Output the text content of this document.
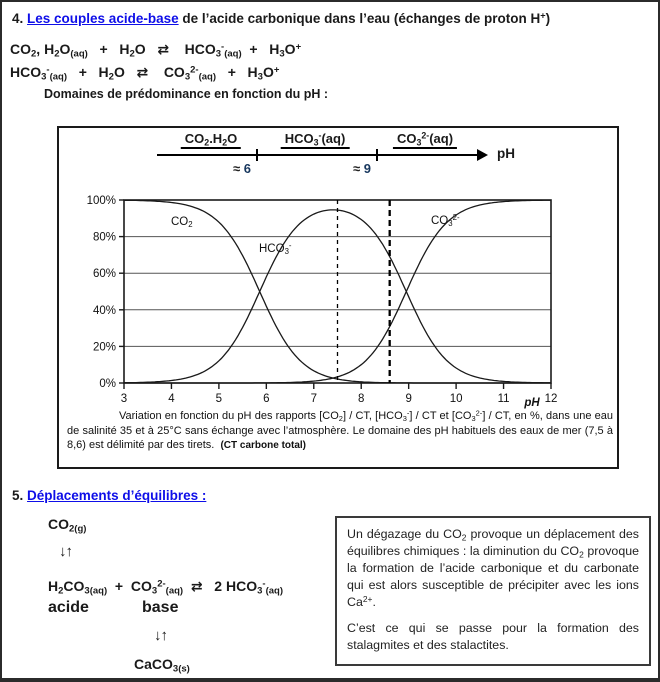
4. Les couples acide-base de l’acide carbonique dans l’eau (échanges de proton H+)
$CO_2$, $H_2O_{(aq)} + H_2O$   ⇄    $HCO_3^-_{(aq)} + H_3O^+$
$HCO_3^-_{(aq)} + H_2O$   ⇄    $CO_3^{2-}_{(aq)} + H_3O^+$
Domaines de prédominance en fonction du pH :
$CO_2.H_2O$	$HCO_3^-(aq)$	$CO_3^{2-}(aq)$
pH
≈ 6	≈ 9
100%
80%
60%
40%
20%
0%
3	4	5	6	7	8	9	10	11	12
pH
$CO_2$
$HCO_3^-$
$CO_3^{2-}$
Variation en fonction du pH des rapports $[CO_2]$ / CT, $[HCO_3^-]$ / CT et $[CO_3^{2-}]$ / CT, en %, dans une eau de salinité 35 et à 25°C sans échange avec l’atmosphère. Le domaine des pH habituels des eaux de mer (7,5 à 8,6) est délimité par des tirets.  (CT carbone total)
5. Déplacements d’équilibres :
$CO_{2(g)}$
↓↑
$H_2CO_{3(aq)} + CO_3^{2-}_{(aq)}$ ⇄   2 $HCO_3^-_{(aq)}$
acide	base
↓↑
CaCO$_{3(s)}$

Un dégazage du $CO_2$ provoque un déplacement des équilibres chimiques : la diminution du $CO_2$ provoque la formation de l’acide carbonique et du carbonate qui est alors susceptible de précipiter avec les ions $Ca^{2+}$.

C’est ce qui se passe pour la formation des stalagmites et des stalactites.
